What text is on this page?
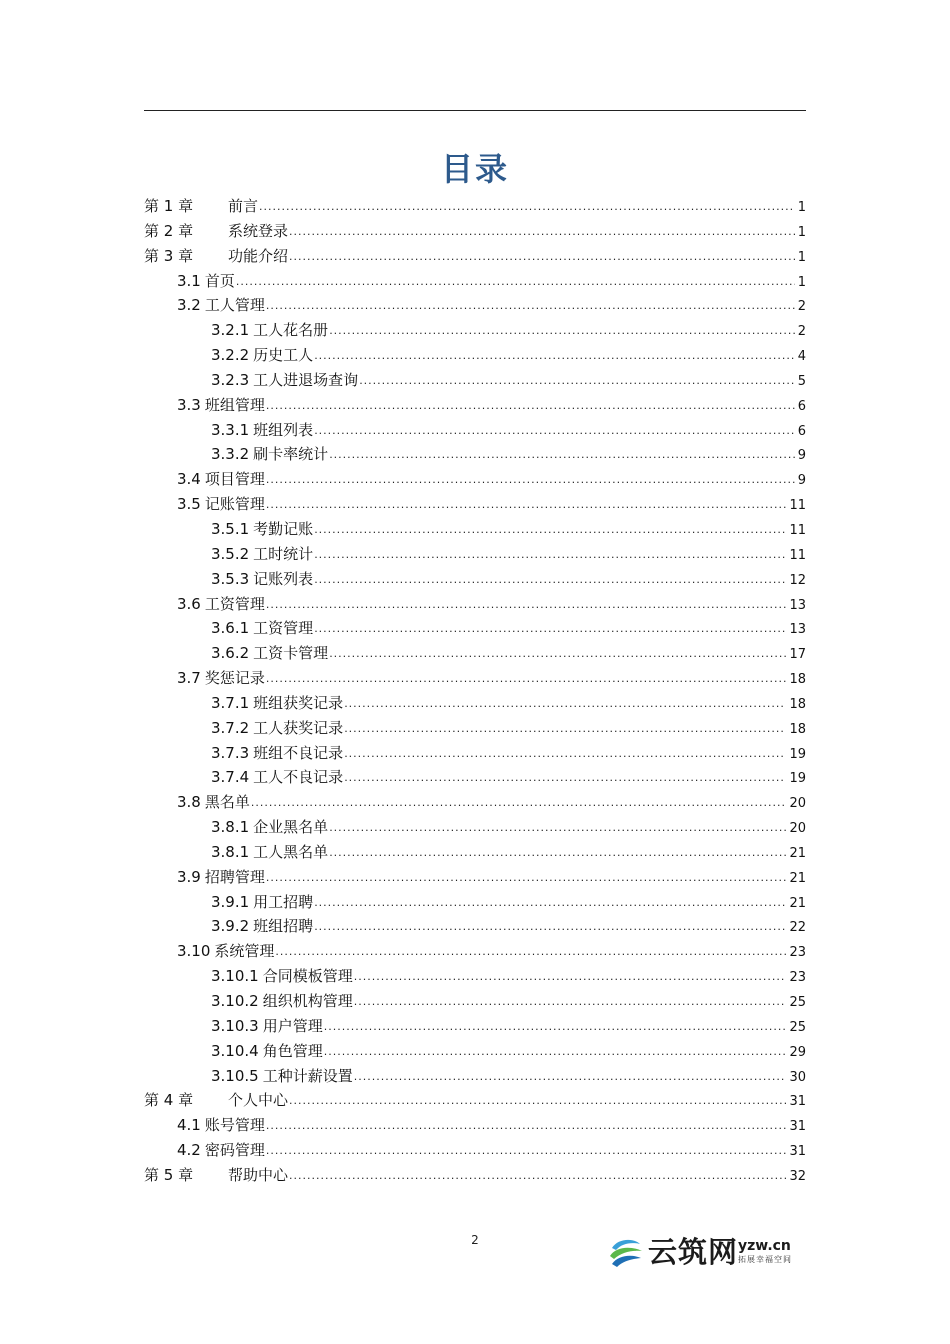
目录
第 1 章	前言 .....	1
第 2 章	系统登录 .....	1
第 3 章	功能介绍 .....	1
3.1 首页 .....	1
3.2 工人管理 .....	2
3.2.1 工人花名册 .....	2
3.2.2 历史工人 .....	4
3.2.3 工人进退场查询 .....	5
3.3 班组管理 .....	6
3.3.1 班组列表 .....	6
3.3.2 刷卡率统计 .....	9
3.4 项目管理 .....	9
3.5 记账管理 .....	11
3.5.1 考勤记账 .....	11
3.5.2 工时统计 .....	11
3.5.3 记账列表 .....	12
3.6 工资管理 .....	13
3.6.1 工资管理 .....	13
3.6.2 工资卡管理 .....	17
3.7 奖惩记录 .....	18
3.7.1 班组获奖记录 .....	18
3.7.2 工人获奖记录 .....	18
3.7.3 班组不良记录 .....	19
3.7.4 工人不良记录 .....	19
3.8 黑名单 .....	20
3.8.1 企业黑名单 .....	20
3.8.1 工人黑名单 .....	21
3.9 招聘管理 .....	21
3.9.1 用工招聘 .....	21
3.9.2 班组招聘 .....	22
3.10 系统管理 .....	23
3.10.1 合同模板管理 .....	23
3.10.2 组织机构管理 .....	25
3.10.3 用户管理 .....	25
3.10.4 角色管理 .....	29
3.10.5 工种计薪设置 .....	30
第 4 章	个人中心 .....	31
4.1 账号管理 .....	31
4.2 密码管理 .....	31
第 5 章	帮助中心 .....	32
2	云筑网 yzw.cn
拓展幸福空间
